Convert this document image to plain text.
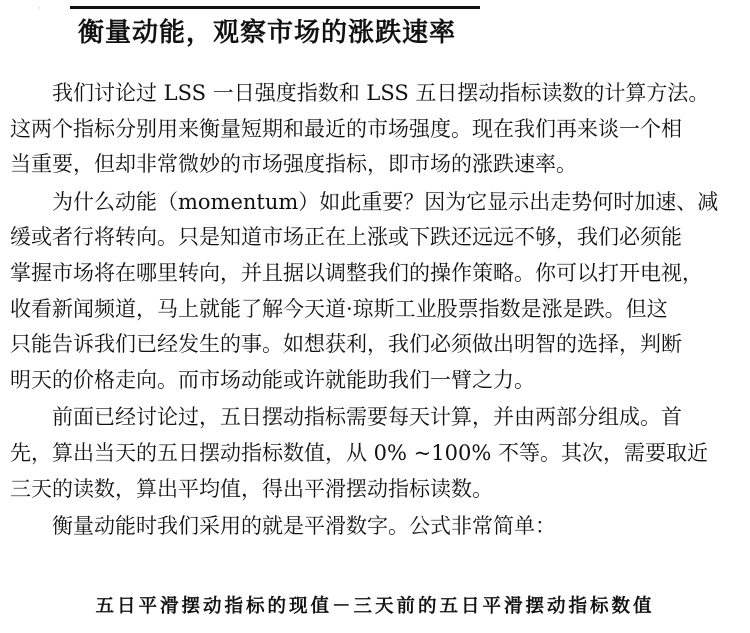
·
衡量动能，观察市场的涨跌速率

我们讨论过 LSS 一日强度指数和 LSS 五日摆动指标读数的计算方法。
这两个指标分别用来衡量短期和最近的市场强度。现在我们再来谈一个相
当重要，但却非常微妙的市场强度指标，即市场的涨跌速率。

为什么动能（momentum）如此重要？因为它显示出走势何时加速、减
缓或者行将转向。只是知道市场正在上涨或下跌还远远不够，我们必须能
掌握市场将在哪里转向，并且据以调整我们的操作策略。你可以打开电视，
收看新闻频道，马上就能了解今天道·琼斯工业股票指数是涨是跌。但这
只能告诉我们已经发生的事。如想获利，我们必须做出明智的选择，判断
明天的价格走向。而市场动能或许就能助我们一臂之力。

前面已经讨论过，五日摆动指标需要每天计算，并由两部分组成。首
先，算出当天的五日摆动指标数值，从 0% ~100% 不等。其次，需要取近
三天的读数，算出平均值，得出平滑摆动指标读数。

衡量动能时我们采用的就是平滑数字。公式非常简单：

五日平滑摆动指标的现值－三天前的五日平滑摆动指标数值
